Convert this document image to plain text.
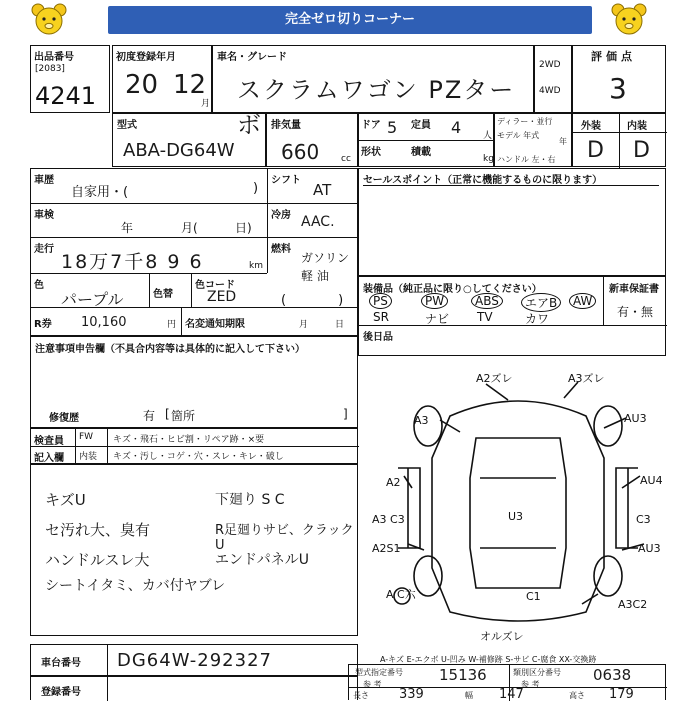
完全ゼロ切りコーナー
出品番号
[2083]
4241
初度登録年月
20 12
月
車名・グレード
スクラムワゴン PZターボ
2WD
4WD
評価点
3
型式
ABA-DG64W
排気量
660 cc
ドア 5 定員 4 人
形状	積載
kg
ディラー・並行
モデル 年式
年
ハンドル 左・右
外装	内装
D D
車歴
自家用・(	)
シフト
AT
車検
年	月(	日)
冷房 AAC.
走行
18万7千8 9 6	km
燃料
ガソリン
軽 油
色
パープル	色替
色コード
ZED	(　　　　)
R券 10,160	円 名変通知期限	月	日
セールスポイント（正常に機能するものに限ります）
装備品（純正品に限り○してください）	新車保証書
有・無
PS	PW	ABS	エアB	AW
SR	ナビ TV	カワ
後日品
注意事項申告欄（不具合内容等は具体的に記入して下さい）
修復歴	有 [ 箇所	]
検査員
記入欄
FW
内装
キズ・飛石・ヒビ割・リペア跡・×要
キズ・汚し・コゲ・穴・スレ・キレ・破し
キズU
セ汚れ大、臭有
ハンドルスレ大
シートイタミ、カバ付ヤブレ
下廻り S C
R足廻りサビ、クラックU
エンドパネルU
A2ズレ	A3ズレ
A3	AU3
AU4
A2
C3
A3 C3	U3
A2S1	AU3
C1
A3C2
A C六
オルズレ
A-キズ E-エクボ U-凹み W-補修跡 S-サビ C-腐食 XX-交換跡
車台番号 DG64W-292327
登録番号
型式指定番号
参 考
15136	類別区分番号
参 考
0638
長さ 339	幅 147	高さ 179
